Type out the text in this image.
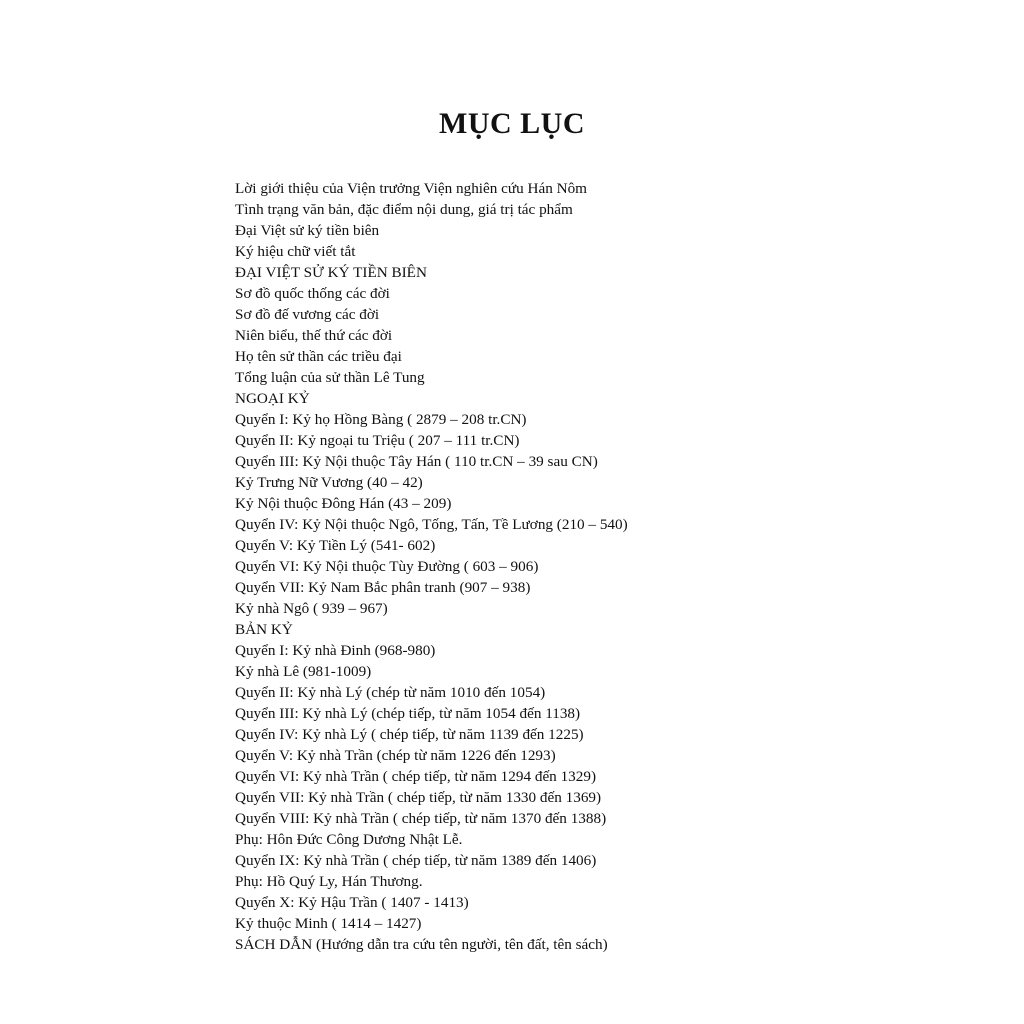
MỤC LỤC
Lời giới thiệu của Viện trưởng Viện nghiên cứu Hán Nôm
Tình trạng văn bản, đặc điểm nội dung, giá trị tác phẩm
Đại Việt sử ký tiền biên
Ký hiệu chữ viết tắt
ĐẠI VIỆT SỬ KÝ TIỀN BIÊN
Sơ đồ quốc thống các đời
Sơ đồ đế vương các đời
Niên biểu, thế thứ các đời
Họ tên sử thần các triều đại
Tổng luận của sử thần Lê Tung
NGOẠI KỶ
Quyển I: Kỷ họ Hồng Bàng ( 2879 – 208 tr.CN)
Quyển II: Kỷ ngoại tu Triệu ( 207 – 111 tr.CN)
Quyển III: Kỷ Nội thuộc Tây Hán ( 110 tr.CN – 39 sau CN)
Kỷ Trưng Nữ Vương (40 – 42)
Kỷ Nội thuộc Đông Hán (43 – 209)
Quyển IV: Kỷ Nội thuộc Ngô, Tống, Tấn, Tề Lương (210 – 540)
Quyển V: Kỷ Tiền Lý (541- 602)
Quyển VI: Kỷ Nội thuộc Tùy Đường ( 603 – 906)
Quyển VII: Kỷ Nam Bắc phân tranh (907 – 938)
Kỷ nhà Ngô ( 939 – 967)
BẢN KỶ
Quyển I: Kỷ nhà Đinh (968-980)
Kỷ nhà Lê (981-1009)
Quyển II: Kỷ nhà Lý (chép từ năm 1010 đến 1054)
Quyển III: Kỷ nhà Lý (chép tiếp, từ năm 1054 đến 1138)
Quyển IV: Kỷ nhà Lý ( chép tiếp, từ năm 1139 đến 1225)
Quyển V: Kỷ nhà Trần (chép từ năm 1226 đến 1293)
Quyển VI: Kỷ nhà Trần ( chép tiếp, từ năm 1294 đến 1329)
Quyển VII: Kỷ nhà Trần ( chép tiếp, từ năm 1330 đến 1369)
Quyển VIII: Kỷ nhà Trần ( chép tiếp, từ năm 1370 đến 1388)
Phụ: Hôn Đức Công Dương Nhật Lễ.
Quyển IX: Kỷ nhà Trần ( chép tiếp, từ năm 1389 đến 1406)
Phụ: Hồ Quý Ly, Hán Thương.
Quyển X: Kỷ Hậu Trần ( 1407 - 1413)
Kỷ thuộc Minh ( 1414 – 1427)
SÁCH DẪN (Hướng dẫn tra cứu tên người, tên đất, tên sách)
